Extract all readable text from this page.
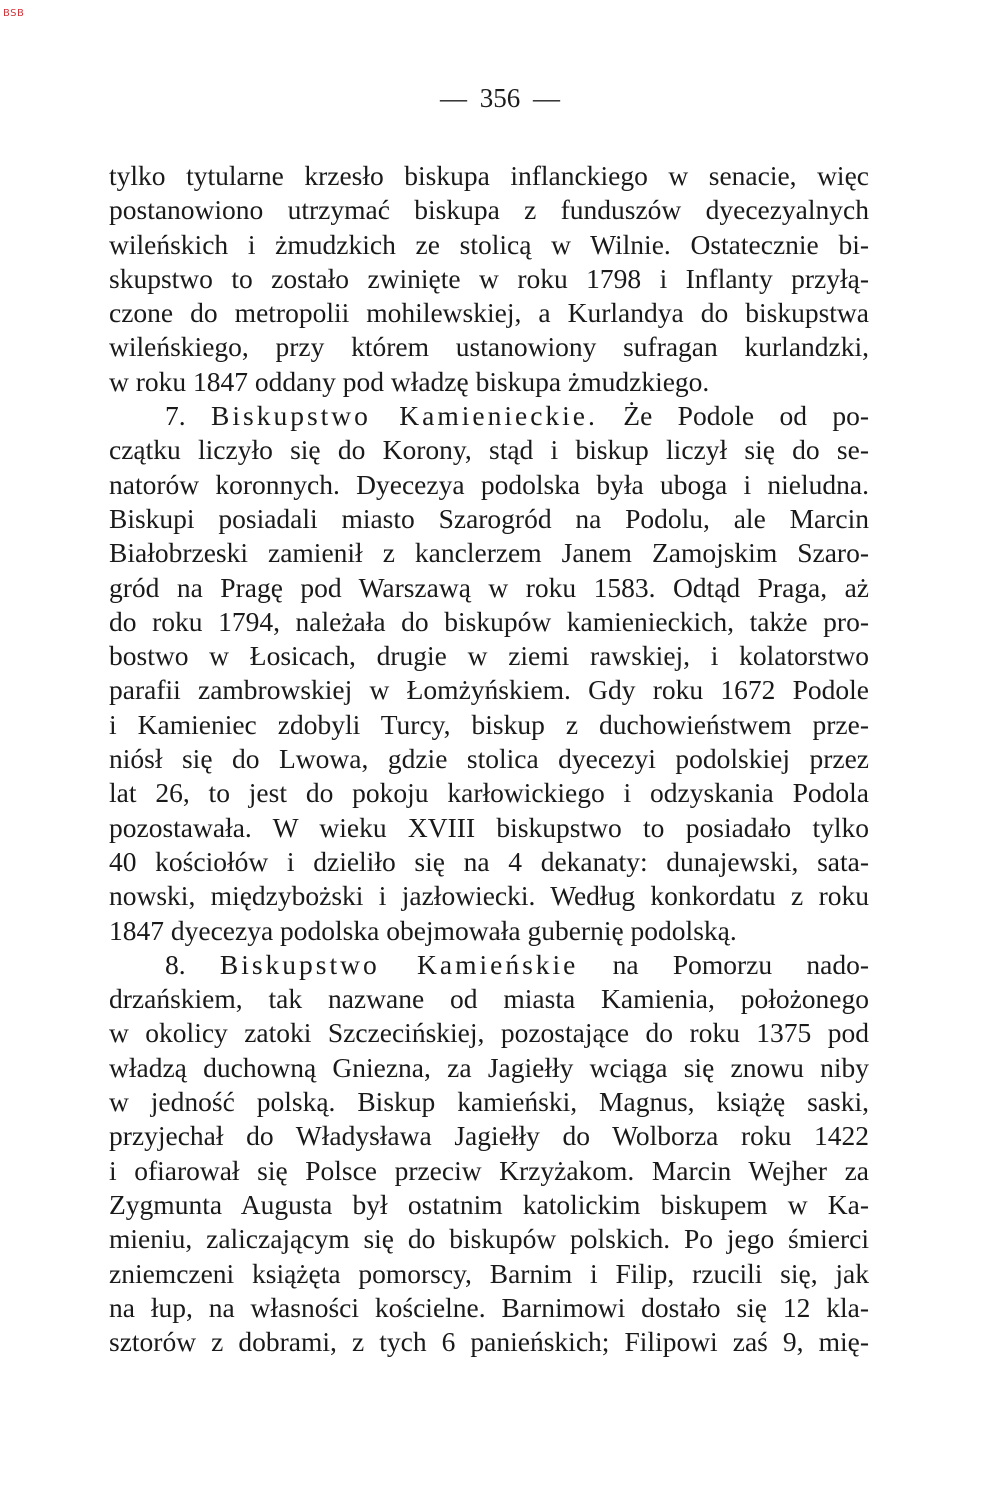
BSB
— 356 —
tylko tytularne krzesło biskupa inflanckiego w senacie, więc
postanowiono utrzymać biskupa z funduszów dyecezyalnych
wileńskich i żmudzkich ze stolicą w Wilnie. Ostatecznie bi-
skupstwo to zostało zwinięte w roku 1798 i Inflanty przyłą-
czone do metropolii mohilewskiej, a Kurlandya do biskupstwa
wileńskiego, przy którem ustanowiony sufragan kurlandzki,
w roku 1847 oddany pod władzę biskupa żmudzkiego.
7. Biskupstwo Kamienieckie. Że Podole od po-
czątku liczyło się do Korony, stąd i biskup liczył się do se-
natorów koronnych. Dyecezya podolska była uboga i nieludna.
Biskupi posiadali miasto Szarogród na Podolu, ale Marcin
Białobrzeski zamienił z kanclerzem Janem Zamojskim Szaro-
gród na Pragę pod Warszawą w roku 1583. Odtąd Praga, aż
do roku 1794, należała do biskupów kamienieckich, także pro-
bostwo w Łosicach, drugie w ziemi rawskiej, i kolatorstwo
parafii zambrowskiej w Łomżyńskiem. Gdy roku 1672 Podole
i Kamieniec zdobyli Turcy, biskup z duchowieństwem prze-
niósł się do Lwowa, gdzie stolica dyecezyi podolskiej przez
lat 26, to jest do pokoju karłowickiego i odzyskania Podola
pozostawała. W wieku XVIII biskupstwo to posiadało tylko
40 kościołów i dzieliło się na 4 dekanaty: dunajewski, sata-
nowski, międzybożski i jazłowiecki. Według konkordatu z roku
1847 dyecezya podolska obejmowała gubernię podolską.
8. Biskupstwo Kamieńskie na Pomorzu nado-
drzańskiem, tak nazwane od miasta Kamienia, położonego
w okolicy zatoki Szczecińskiej, pozostające do roku 1375 pod
władzą duchowną Gniezna, za Jagiełły wciąga się znowu niby
w jedność polską. Biskup kamieński, Magnus, książę saski,
przyjechał do Władysława Jagiełły do Wolborza roku 1422
i ofiarował się Polsce przeciw Krzyżakom. Marcin Wejher za
Zygmunta Augusta był ostatnim katolickim biskupem w Ka-
mieniu, zaliczającym się do biskupów polskich. Po jego śmierci
zniemczeni książęta pomorscy, Barnim i Filip, rzucili się, jak
na łup, na własności kościelne. Barnimowi dostało się 12 kla-
sztorów z dobrami, z tych 6 panieńskich; Filipowi zaś 9, mię-
